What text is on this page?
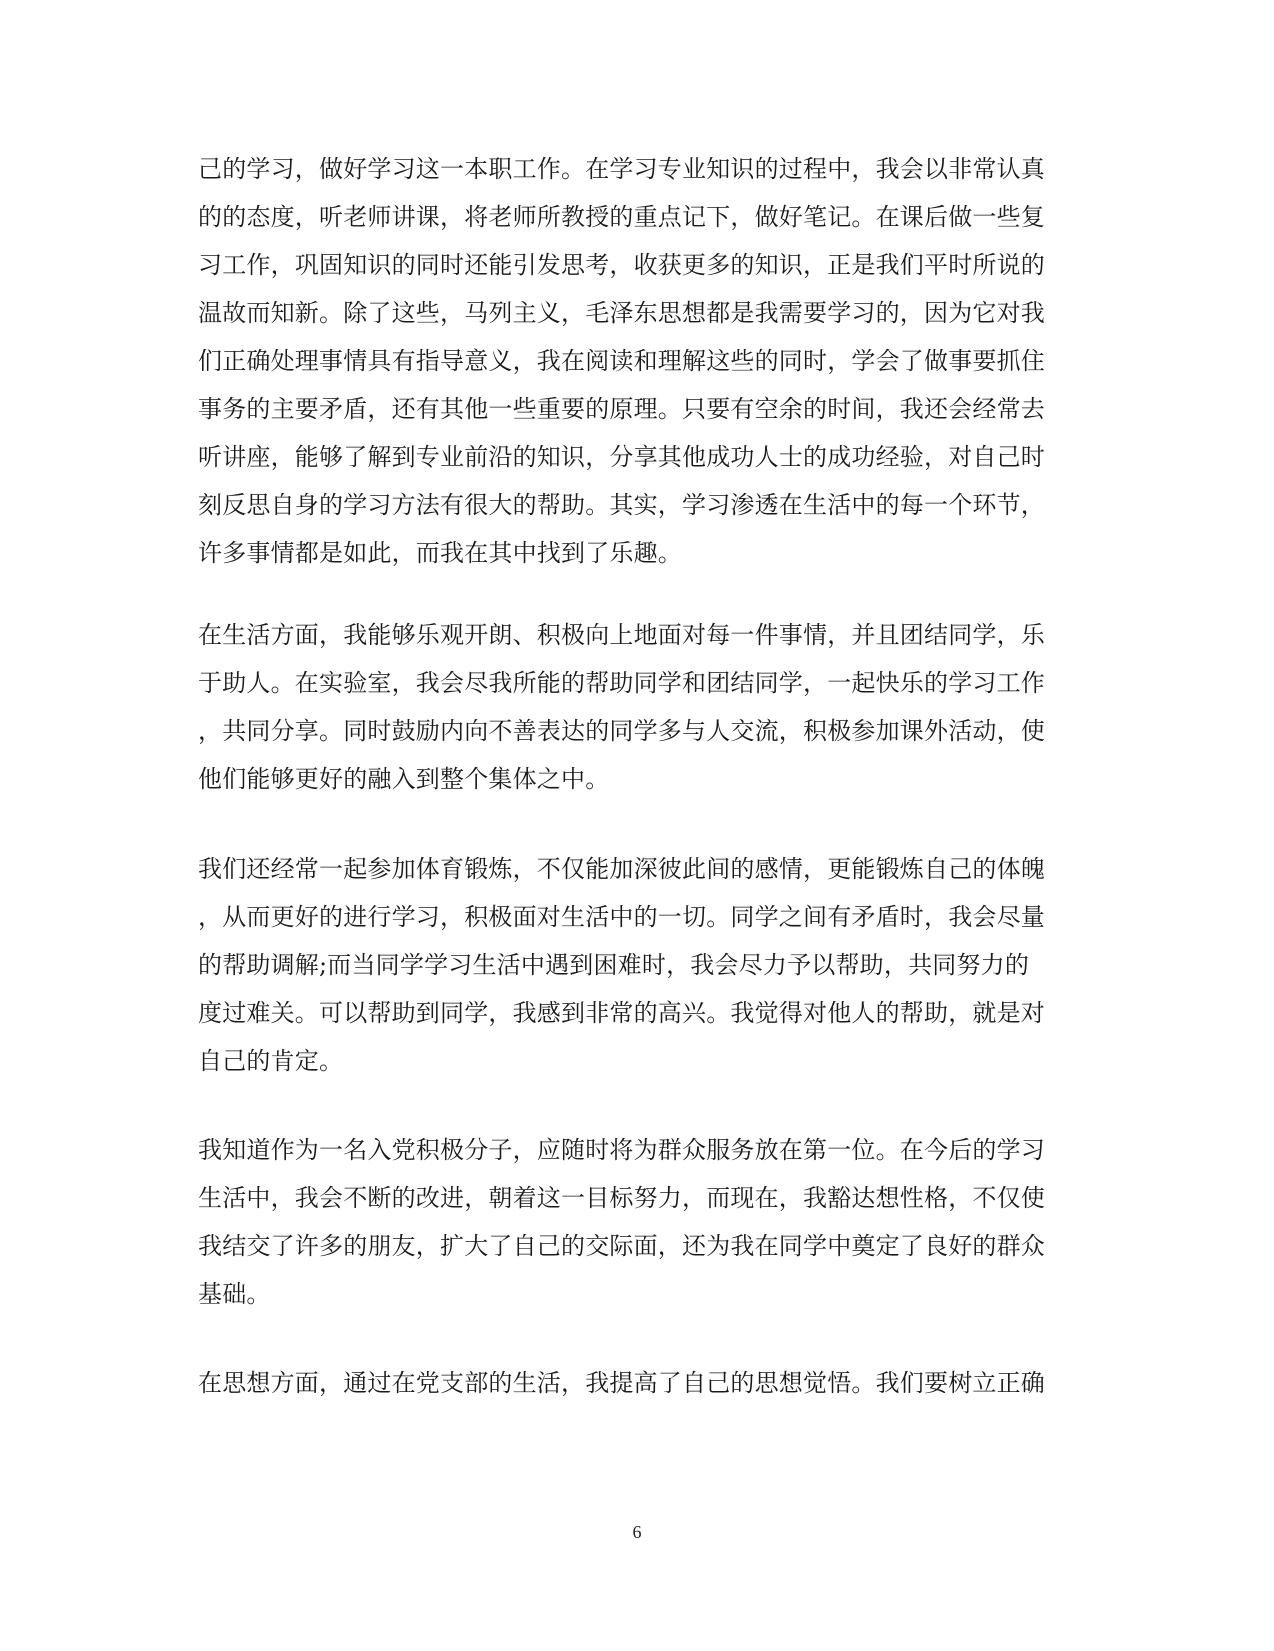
己的学习，做好学习这一本职工作。在学习专业知识的过程中，我会以非常认真
的的态度，听老师讲课，将老师所教授的重点记下，做好笔记。在课后做一些复
习工作，巩固知识的同时还能引发思考，收获更多的知识，正是我们平时所说的
温故而知新。除了这些，马列主义，毛泽东思想都是我需要学习的，因为它对我
们正确处理事情具有指导意义，我在阅读和理解这些的同时，学会了做事要抓住
事务的主要矛盾，还有其他一些重要的原理。只要有空余的时间，我还会经常去
听讲座，能够了解到专业前沿的知识，分享其他成功人士的成功经验，对自己时
刻反思自身的学习方法有很大的帮助。其实，学习渗透在生活中的每一个环节，
许多事情都是如此，而我在其中找到了乐趣。
在生活方面，我能够乐观开朗、积极向上地面对每一件事情，并且团结同学，乐
于助人。在实验室，我会尽我所能的帮助同学和团结同学，一起快乐的学习工作
，共同分享。同时鼓励内向不善表达的同学多与人交流，积极参加课外活动，使
他们能够更好的融入到整个集体之中。
我们还经常一起参加体育锻炼，不仅能加深彼此间的感情，更能锻炼自己的体魄
，从而更好的进行学习，积极面对生活中的一切。同学之间有矛盾时，我会尽量
的帮助调解;而当同学学习生活中遇到困难时，我会尽力予以帮助，共同努力的
度过难关。可以帮助到同学，我感到非常的高兴。我觉得对他人的帮助，就是对
自己的肯定。
我知道作为一名入党积极分子，应随时将为群众服务放在第一位。在今后的学习
生活中，我会不断的改进，朝着这一目标努力，而现在，我豁达想性格，不仅使
我结交了许多的朋友，扩大了自己的交际面，还为我在同学中奠定了良好的群众
基础。
在思想方面，通过在党支部的生活，我提高了自己的思想觉悟。我们要树立正确
6
